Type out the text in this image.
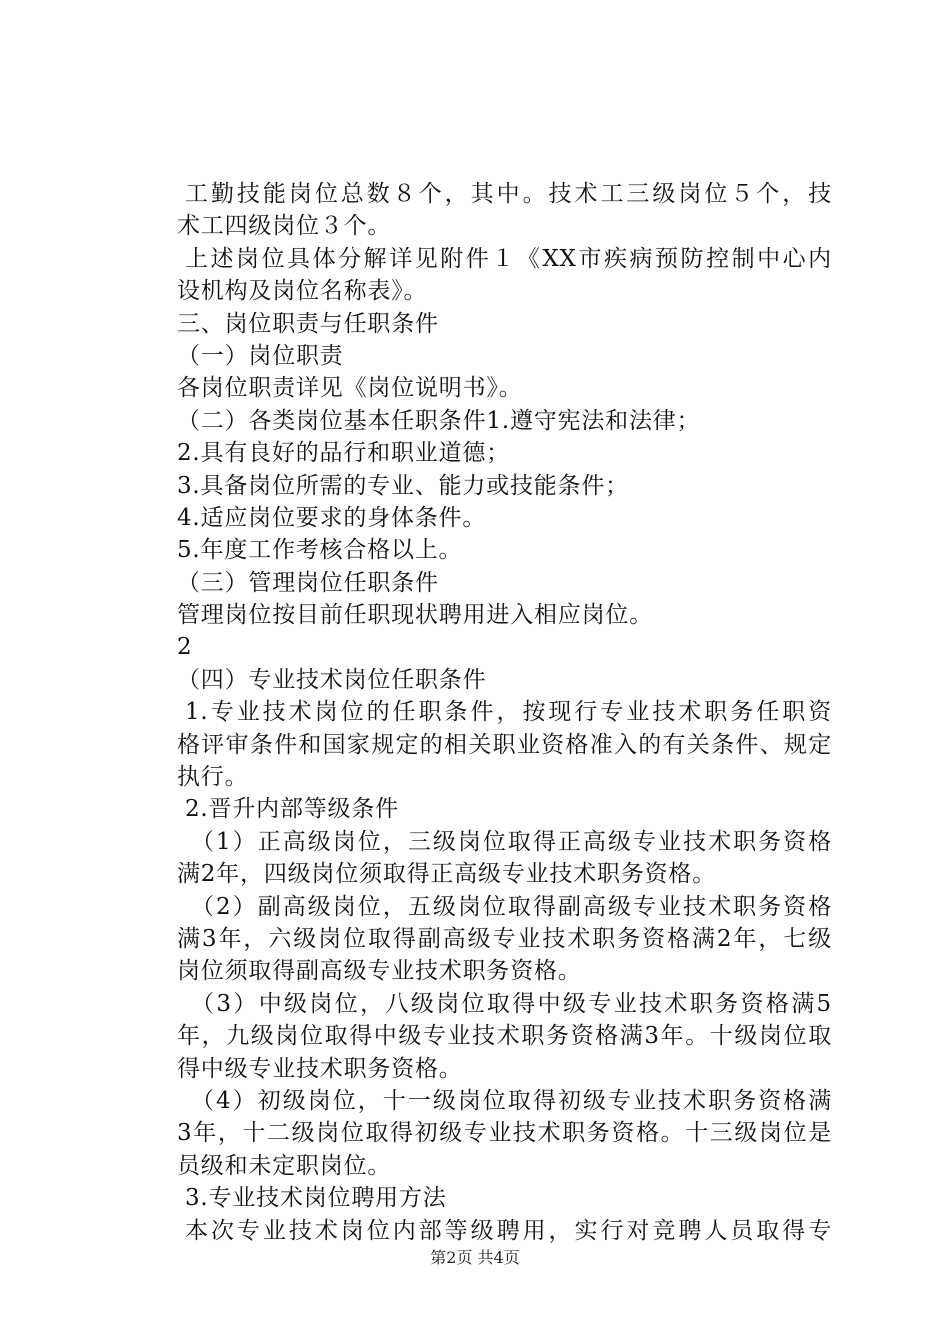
工勤技能岗位总数８个，其中。技术工三级岗位５个，技
术工四级岗位３个。
上述岗位具体分解详见附件１《XX市疾病预防控制中心内
设机构及岗位名称表》。
三、岗位职责与任职条件
（一）岗位职责
各岗位职责详见《岗位说明书》。
（二）各类岗位基本任职条件1.遵守宪法和法律；
2.具有良好的品行和职业道德；
3.具备岗位所需的专业、能力或技能条件；
4.适应岗位要求的身体条件。
5.年度工作考核合格以上。
（三）管理岗位任职条件
管理岗位按目前任职现状聘用进入相应岗位。
2
（四）专业技术岗位任职条件
1.专业技术岗位的任职条件，按现行专业技术职务任职资
格评审条件和国家规定的相关职业资格准入的有关条件、规定
执行。
2.晋升内部等级条件
（1）正高级岗位，三级岗位取得正高级专业技术职务资格
满2年，四级岗位须取得正高级专业技术职务资格。
（2）副高级岗位，五级岗位取得副高级专业技术职务资格
满3年，六级岗位取得副高级专业技术职务资格满2年，七级
岗位须取得副高级专业技术职务资格。
（3）中级岗位，八级岗位取得中级专业技术职务资格满5
年，九级岗位取得中级专业技术职务资格满3年。十级岗位取
得中级专业技术职务资格。
（4）初级岗位，十一级岗位取得初级专业技术职务资格满
3年，十二级岗位取得初级专业技术职务资格。十三级岗位是
员级和未定职岗位。
3.专业技术岗位聘用方法
本次专业技术岗位内部等级聘用，实行对竞聘人员取得专
第2页 共4页
